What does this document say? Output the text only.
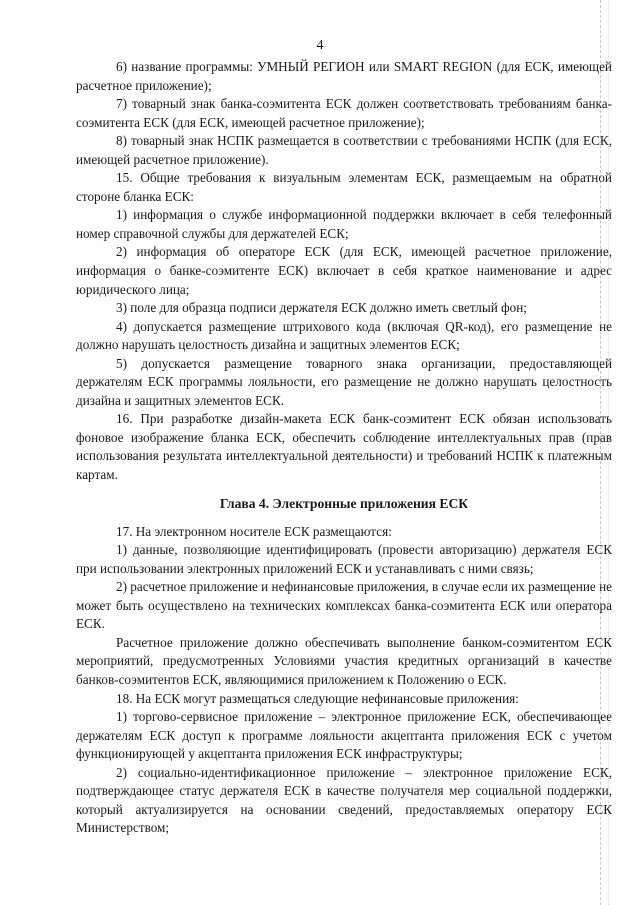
4

6) название программы: УМНЫЙ РЕГИОН или SMART REGION (для ЕСК, имеющей расчетное приложение);

7) товарный знак банка-соэмитента ЕСК должен соответствовать требованиям банка-соэмитента ЕСК (для ЕСК, имеющей расчетное приложение);

8) товарный знак НСПК размещается в соответствии с требованиями НСПК (для ЕСК, имеющей расчетное приложение).

15. Общие требования к визуальным элементам ЕСК, размещаемым на обратной стороне бланка ЕСК:

1) информация о службе информационной поддержки включает в себя телефонный номер справочной службы для держателей ЕСК;

2) информация об операторе ЕСК (для ЕСК, имеющей расчетное приложение, информация о банке-соэмитенте ЕСК) включает в себя краткое наименование и адрес юридического лица;

3) поле для образца подписи держателя ЕСК должно иметь светлый фон;

4) допускается размещение штрихового кода (включая QR-код), его размещение не должно нарушать целостность дизайна и защитных элементов ЕСК;

5) допускается размещение товарного знака организации, предоставляющей держателям ЕСК программы лояльности, его размещение не должно нарушать целостность дизайна и защитных элементов ЕСК.

16. При разработке дизайн-макета ЕСК банк-соэмитент ЕСК обязан использовать фоновое изображение бланка ЕСК, обеспечить соблюдение интеллектуальных прав (прав использования результата интеллектуальной деятельности) и требований НСПК к платежным картам.

Глава 4. Электронные приложения ЕСК

17. На электронном носителе ЕСК размещаются:

1) данные, позволяющие идентифицировать (провести авторизацию) держателя ЕСК при использовании электронных приложений ЕСК и устанавливать с ними связь;

2) расчетное приложение и нефинансовые приложения, в случае если их размещение не может быть осуществлено на технических комплексах банка-соэмитента ЕСК или оператора ЕСК.

Расчетное приложение должно обеспечивать выполнение банком-соэмитентом ЕСК мероприятий, предусмотренных Условиями участия кредитных организаций в качестве банков-соэмитентов ЕСК, являющимися приложением к Положению о ЕСК.

18. На ЕСК могут размещаться следующие нефинансовые приложения:

1) торгово-сервисное приложение – электронное приложение ЕСК, обеспечивающее держателям ЕСК доступ к программе лояльности акцептанта приложения ЕСК с учетом функционирующей у акцептанта приложения ЕСК инфраструктуры;

2) социально-идентификационное приложение – электронное приложение ЕСК, подтверждающее статус держателя ЕСК в качестве получателя мер социальной поддержки, который актуализируется на основании сведений, предоставляемых оператору ЕСК Министерством;
